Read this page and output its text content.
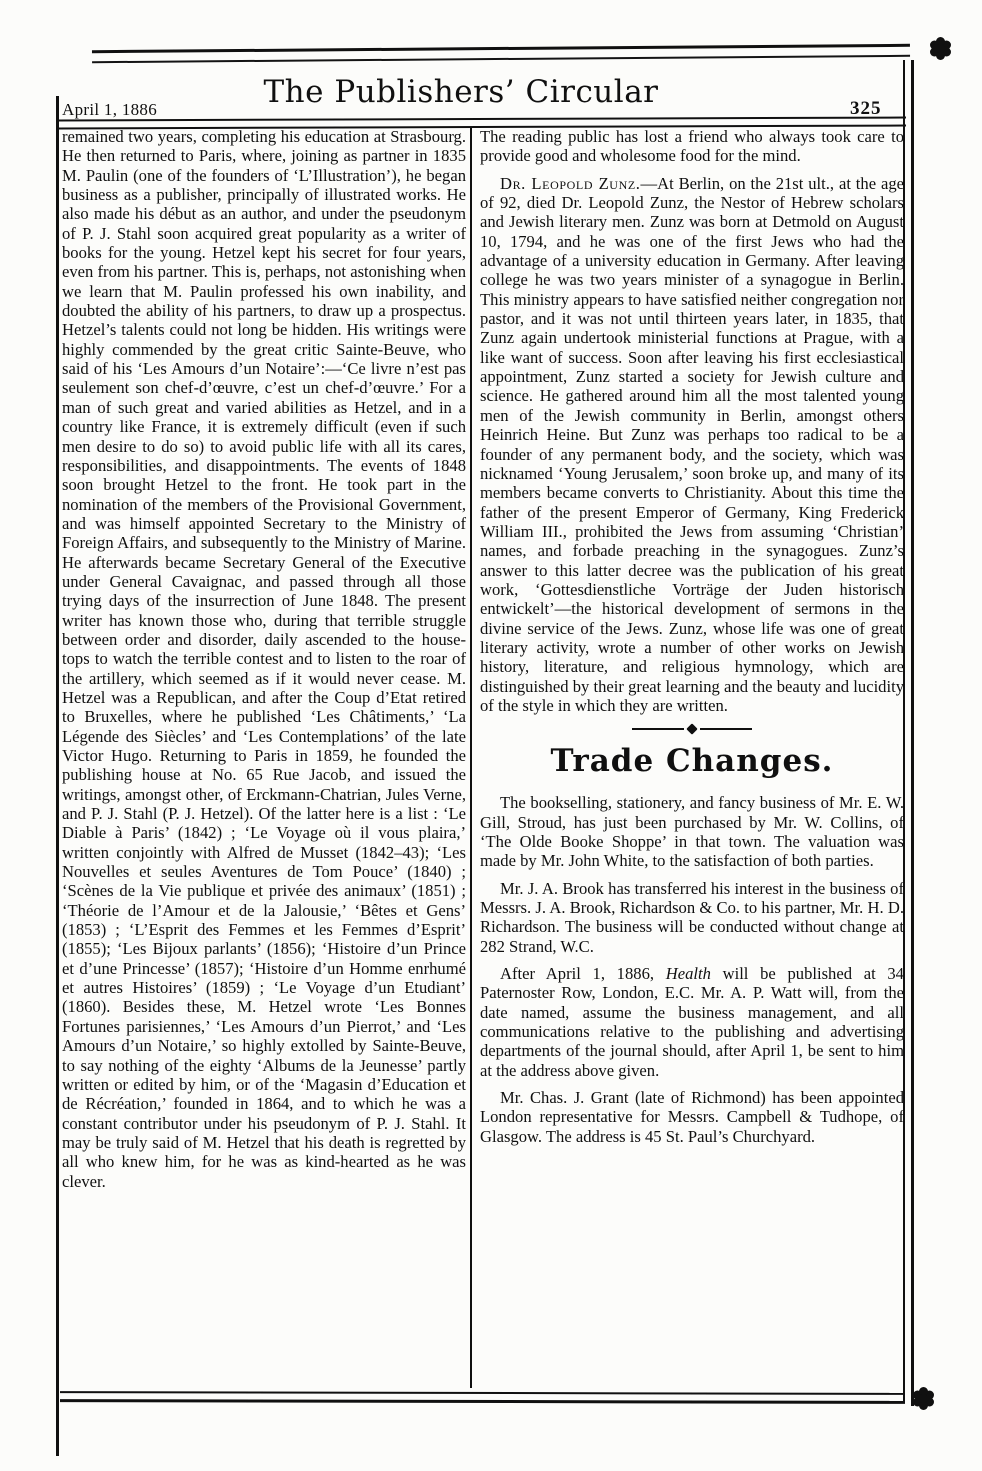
April 1, 1886	The Publishers’ Circular	325

remained two years, completing his education at Strasbourg. He then returned to Paris, where, joining as partner in 1835 M. Paulin (one of the founders of ‘L’Illustration’), he began business as a publisher, principally of illustrated works. He also made his début as an author, and under the pseudonym of P. J. Stahl soon acquired great popularity as a writer of books for the young. Hetzel kept his secret for four years, even from his partner. This is, perhaps, not astonishing when we learn that M. Paulin professed his own inability, and doubted the ability of his partners, to draw up a prospectus. Hetzel’s talents could not long be hidden. His writings were highly commended by the great critic Sainte-Beuve, who said of his ‘Les Amours d’un Notaire’:—‘Ce livre n’est pas seulement son chef-d’œuvre, c’est un chef-d’œuvre.’ For a man of such great and varied abilities as Hetzel, and in a country like France, it is extremely difficult (even if such men desire to do so) to avoid public life with all its cares, responsibilities, and disappointments. The events of 1848 soon brought Hetzel to the front. He took part in the nomination of the members of the Provisional Government, and was himself appointed Secretary to the Ministry of Foreign Affairs, and subsequently to the Ministry of Marine. He afterwards became Secretary General of the Executive under General Cavaignac, and passed through all those trying days of the insurrection of June 1848. The present writer has known those who, during that terrible struggle between order and disorder, daily ascended to the house-tops to watch the terrible contest and to listen to the roar of the artillery, which seemed as if it would never cease. M. Hetzel was a Republican, and after the Coup d’Etat retired to Bruxelles, where he published ‘Les Châtiments,’ ‘La Légende des Siècles’ and ‘Les Contemplations’ of the late Victor Hugo. Returning to Paris in 1859, he founded the publishing house at No. 65 Rue Jacob, and issued the writings, amongst other, of Erckmann-Chatrian, Jules Verne, and P. J. Stahl (P. J. Hetzel). Of the latter here is a list : ‘Le Diable à Paris’ (1842) ; ‘Le Voyage où il vous plaira,’ written conjointly with Alfred de Musset (1842–43); ‘Les Nouvelles et seules Aventures de Tom Pouce’ (1840) ; ‘Scènes de la Vie publique et privée des animaux’ (1851) ; ‘Théorie de l’Amour et de la Jalousie,’ ‘Bêtes et Gens’ (1853) ; ‘L’Esprit des Femmes et les Femmes d’Esprit’ (1855); ‘Les Bijoux parlants’ (1856); ‘Histoire d’un Prince et d’une Princesse’ (1857); ‘Histoire d’un Homme enrhumé et autres Histoires’ (1859) ; ‘Le Voyage d’un Etudiant’ (1860). Besides these, M. Hetzel wrote ‘Les Bonnes Fortunes parisiennes,’ ‘Les Amours d’un Pierrot,’ and ‘Les Amours d’un Notaire,’ so highly extolled by Sainte-Beuve, to say nothing of the eighty ‘Albums de la Jeunesse’ partly written or edited by him, or of the ‘Magasin d’Education et de Récréation,’ founded in 1864, and to which he was a constant contributor under his pseudonym of P. J. Stahl. It may be truly said of M. Hetzel that his death is regretted by all who knew him, for he was as kind-hearted as he was clever.

The reading public has lost a friend who always took care to provide good and wholesome food for the mind.

Dr. Leopold Zunz.—At Berlin, on the 21st ult., at the age of 92, died Dr. Leopold Zunz, the Nestor of Hebrew scholars and Jewish literary men. Zunz was born at Detmold on August 10, 1794, and he was one of the first Jews who had the advantage of a university education in Germany. After leaving college he was two years minister of a synagogue in Berlin. This ministry appears to have satisfied neither congregation nor pastor, and it was not until thirteen years later, in 1835, that Zunz again undertook ministerial functions at Prague, with a like want of success. Soon after leaving his first ecclesiastical appointment, Zunz started a society for Jewish culture and science. He gathered around him all the most talented young men of the Jewish community in Berlin, amongst others Heinrich Heine. But Zunz was perhaps too radical to be a founder of any permanent body, and the society, which was nicknamed ‘Young Jerusalem,’ soon broke up, and many of its members became converts to Christianity. About this time the father of the present Emperor of Germany, King Frederick William III., prohibited the Jews from assuming ‘Christian’ names, and forbade preaching in the synagogues. Zunz’s answer to this latter decree was the publication of his great work, ‘Gottesdienstliche Vorträge der Juden historisch entwickelt’—the historical development of sermons in the divine service of the Jews. Zunz, whose life was one of great literary activity, wrote a number of other works on Jewish history, literature, and religious hymnology, which are distinguished by their great learning and the beauty and lucidity of the style in which they are written.

Trade Changes.

The bookselling, stationery, and fancy business of Mr. E. W. Gill, Stroud, has just been purchased by Mr. W. Collins, of ‘The Olde Booke Shoppe’ in that town. The valuation was made by Mr. John White, to the satisfaction of both parties.

Mr. J. A. Brook has transferred his interest in the business of Messrs. J. A. Brook, Richardson & Co. to his partner, Mr. H. D. Richardson. The business will be conducted without change at 282 Strand, W.C.

After April 1, 1886, Health will be published at 34 Paternoster Row, London, E.C. Mr. A. P. Watt will, from the date named, assume the business management, and all communications relative to the publishing and advertising departments of the journal should, after April 1, be sent to him at the address above given.

Mr. Chas. J. Grant (late of Richmond) has been appointed London representative for Messrs. Campbell & Tudhope, of Glasgow. The address is 45 St. Paul’s Churchyard.
